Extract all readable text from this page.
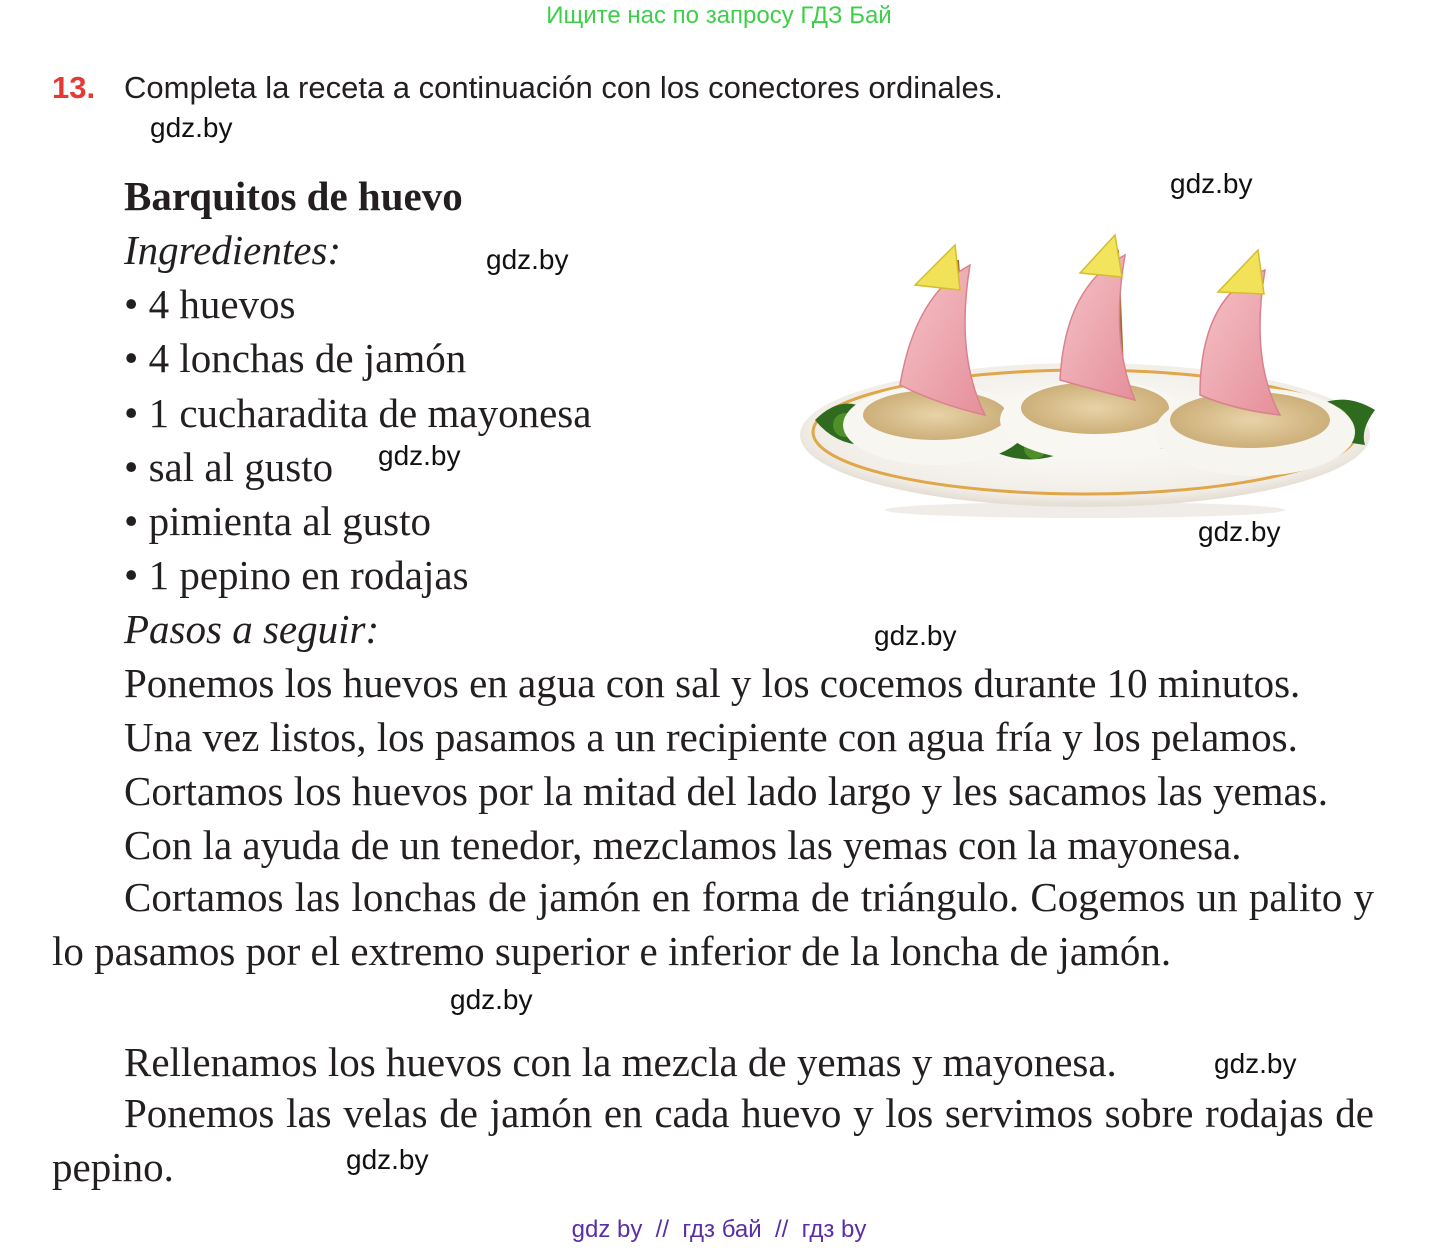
Ищите нас по запросу ГДЗ Бай
13. Completa la receta a continuación con los conectores ordinales.
gdz.by
gdz.by
gdz.by
gdz.by
gdz.by
gdz.by
gdz.by
gdz.by
gdz.by
Barquitos de huevo
Ingredientes:
• 4 huevos
• 4 lonchas de jamón
• 1 cucharadita de mayonesa
• sal al gusto
• pimienta al gusto
• 1 pepino en rodajas
Pasos a seguir:
Ponemos los huevos en agua con sal y los cocemos durante 10 minutos.
Una vez listos, los pasamos a un recipiente con agua fría y los pelamos.
Cortamos los huevos por la mitad del lado largo y les sacamos las yemas.
Con la ayuda de un tenedor, mezclamos las yemas con la mayonesa.
Cortamos las lonchas de jamón en forma de triángulo. Cogemos un palito y lo pasamos por el extremo superior e inferior de la loncha de jamón.
Rellenamos los huevos con la mezcla de yemas y mayonesa.
Ponemos las velas de jamón en cada huevo y los servimos sobre rodajas de pepino.
gdz by  //  гдз бай  //  гдз by
